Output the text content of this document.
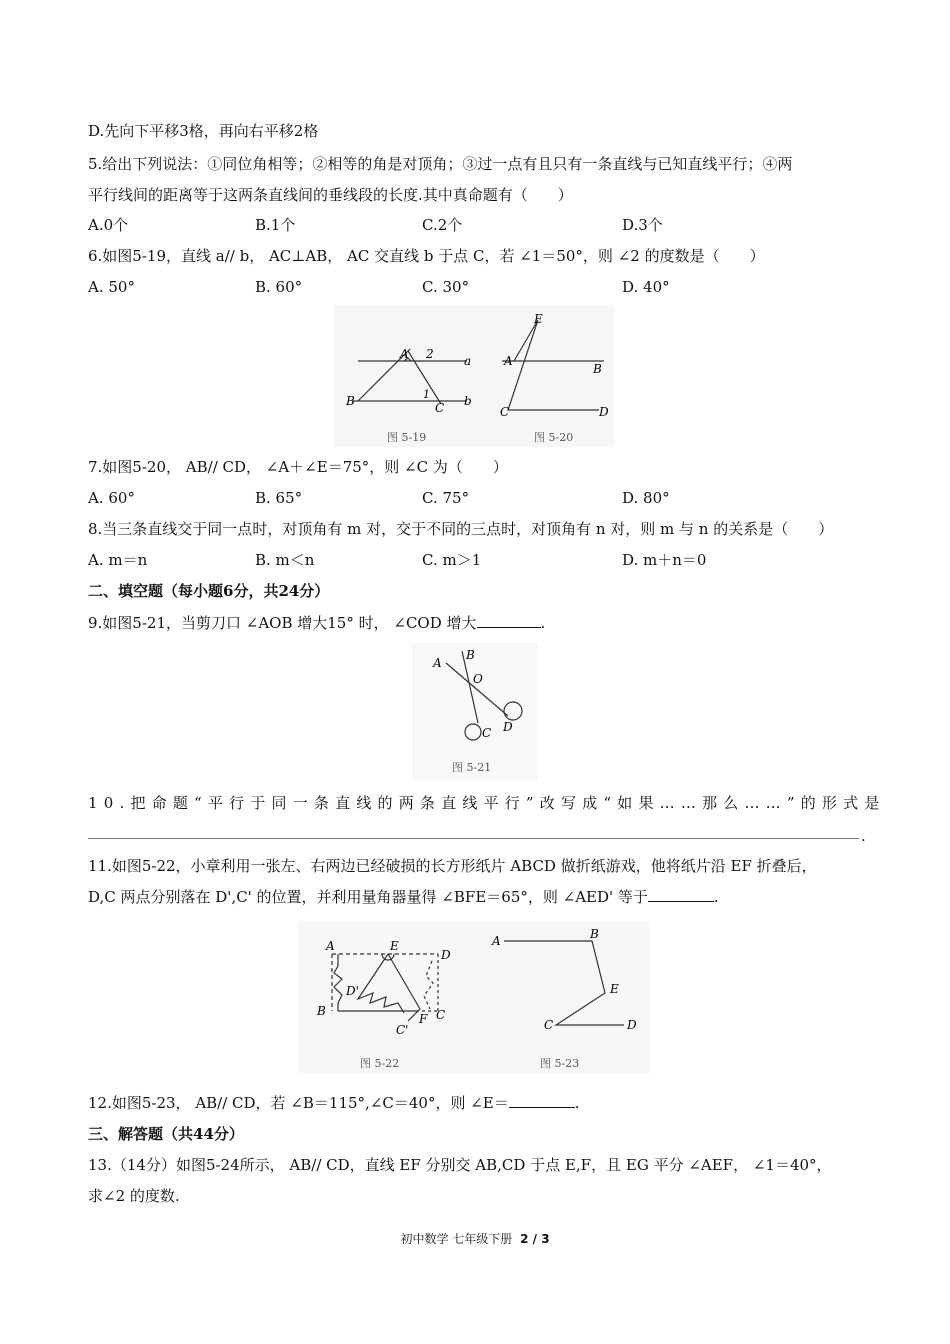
D.先向下平移3格，再向右平移2格
5.给出下列说法：①同位角相等；②相等的角是对顶角；③过一点有且只有一条直线与已知直线平行；④两
平行线间的距离等于这两条直线间的垂线段的长度.其中真命题有（　　）
A.0个	B.1个	C.2个	D.3个
6.如图5-19，直线 a// b， AC⊥AB， AC 交直线 b 于点 C，若 ∠1＝50°，则 ∠2 的度数是（　　）
A. 50°	B. 60°	C. 30°	D. 40°
A 2	a
B	1
C b
图 5-19
E
A
B
C	D
图 5-20
7.如图5-20， AB// CD， ∠A＋∠E＝75°，则 ∠C 为（　　）
A. 60°	B. 65°	C. 75°	D. 80°
8.当三条直线交于同一点时，对顶角有 m 对，交于不同的三点时，对顶角有 n 对，则 m 与 n 的关系是（　　）
A. m＝n	B. m＜n	C. m＞1	D. m＋n＝0
二、填空题（每小题6分，共24分）
9.如图5-21，当剪刀口 ∠AOB 增大15° 时， ∠COD 增大	.
A
B
O
C D
图 5-21
10.把命题“平行于同一条直线的两条直线平行”改写成“如果……那么……”的形式是
.
11.如图5-22，小章利用一张左、右两边已经破损的长方形纸片 ABCD 做折纸游戏，他将纸片沿 EF 折叠后，
D,C 两点分别落在 D',C' 的位置，并利用量角器量得 ∠BFE＝65°，则 ∠AED' 等于	.
A	E
D
D'
B
F C
C'
图 5-22
A	B
E
C	D
图 5-23
12.如图5-23， AB// CD，若 ∠B＝115°,∠C＝40°，则 ∠E＝	.
三、解答题（共44分）
13.（14分）如图5-24所示， AB// CD，直线 EF 分别交 AB,CD 于点 E,F，且 EG 平分 ∠AEF， ∠1＝40°，
求∠2 的度数.
初中数学 七年级下册 2 / 3
